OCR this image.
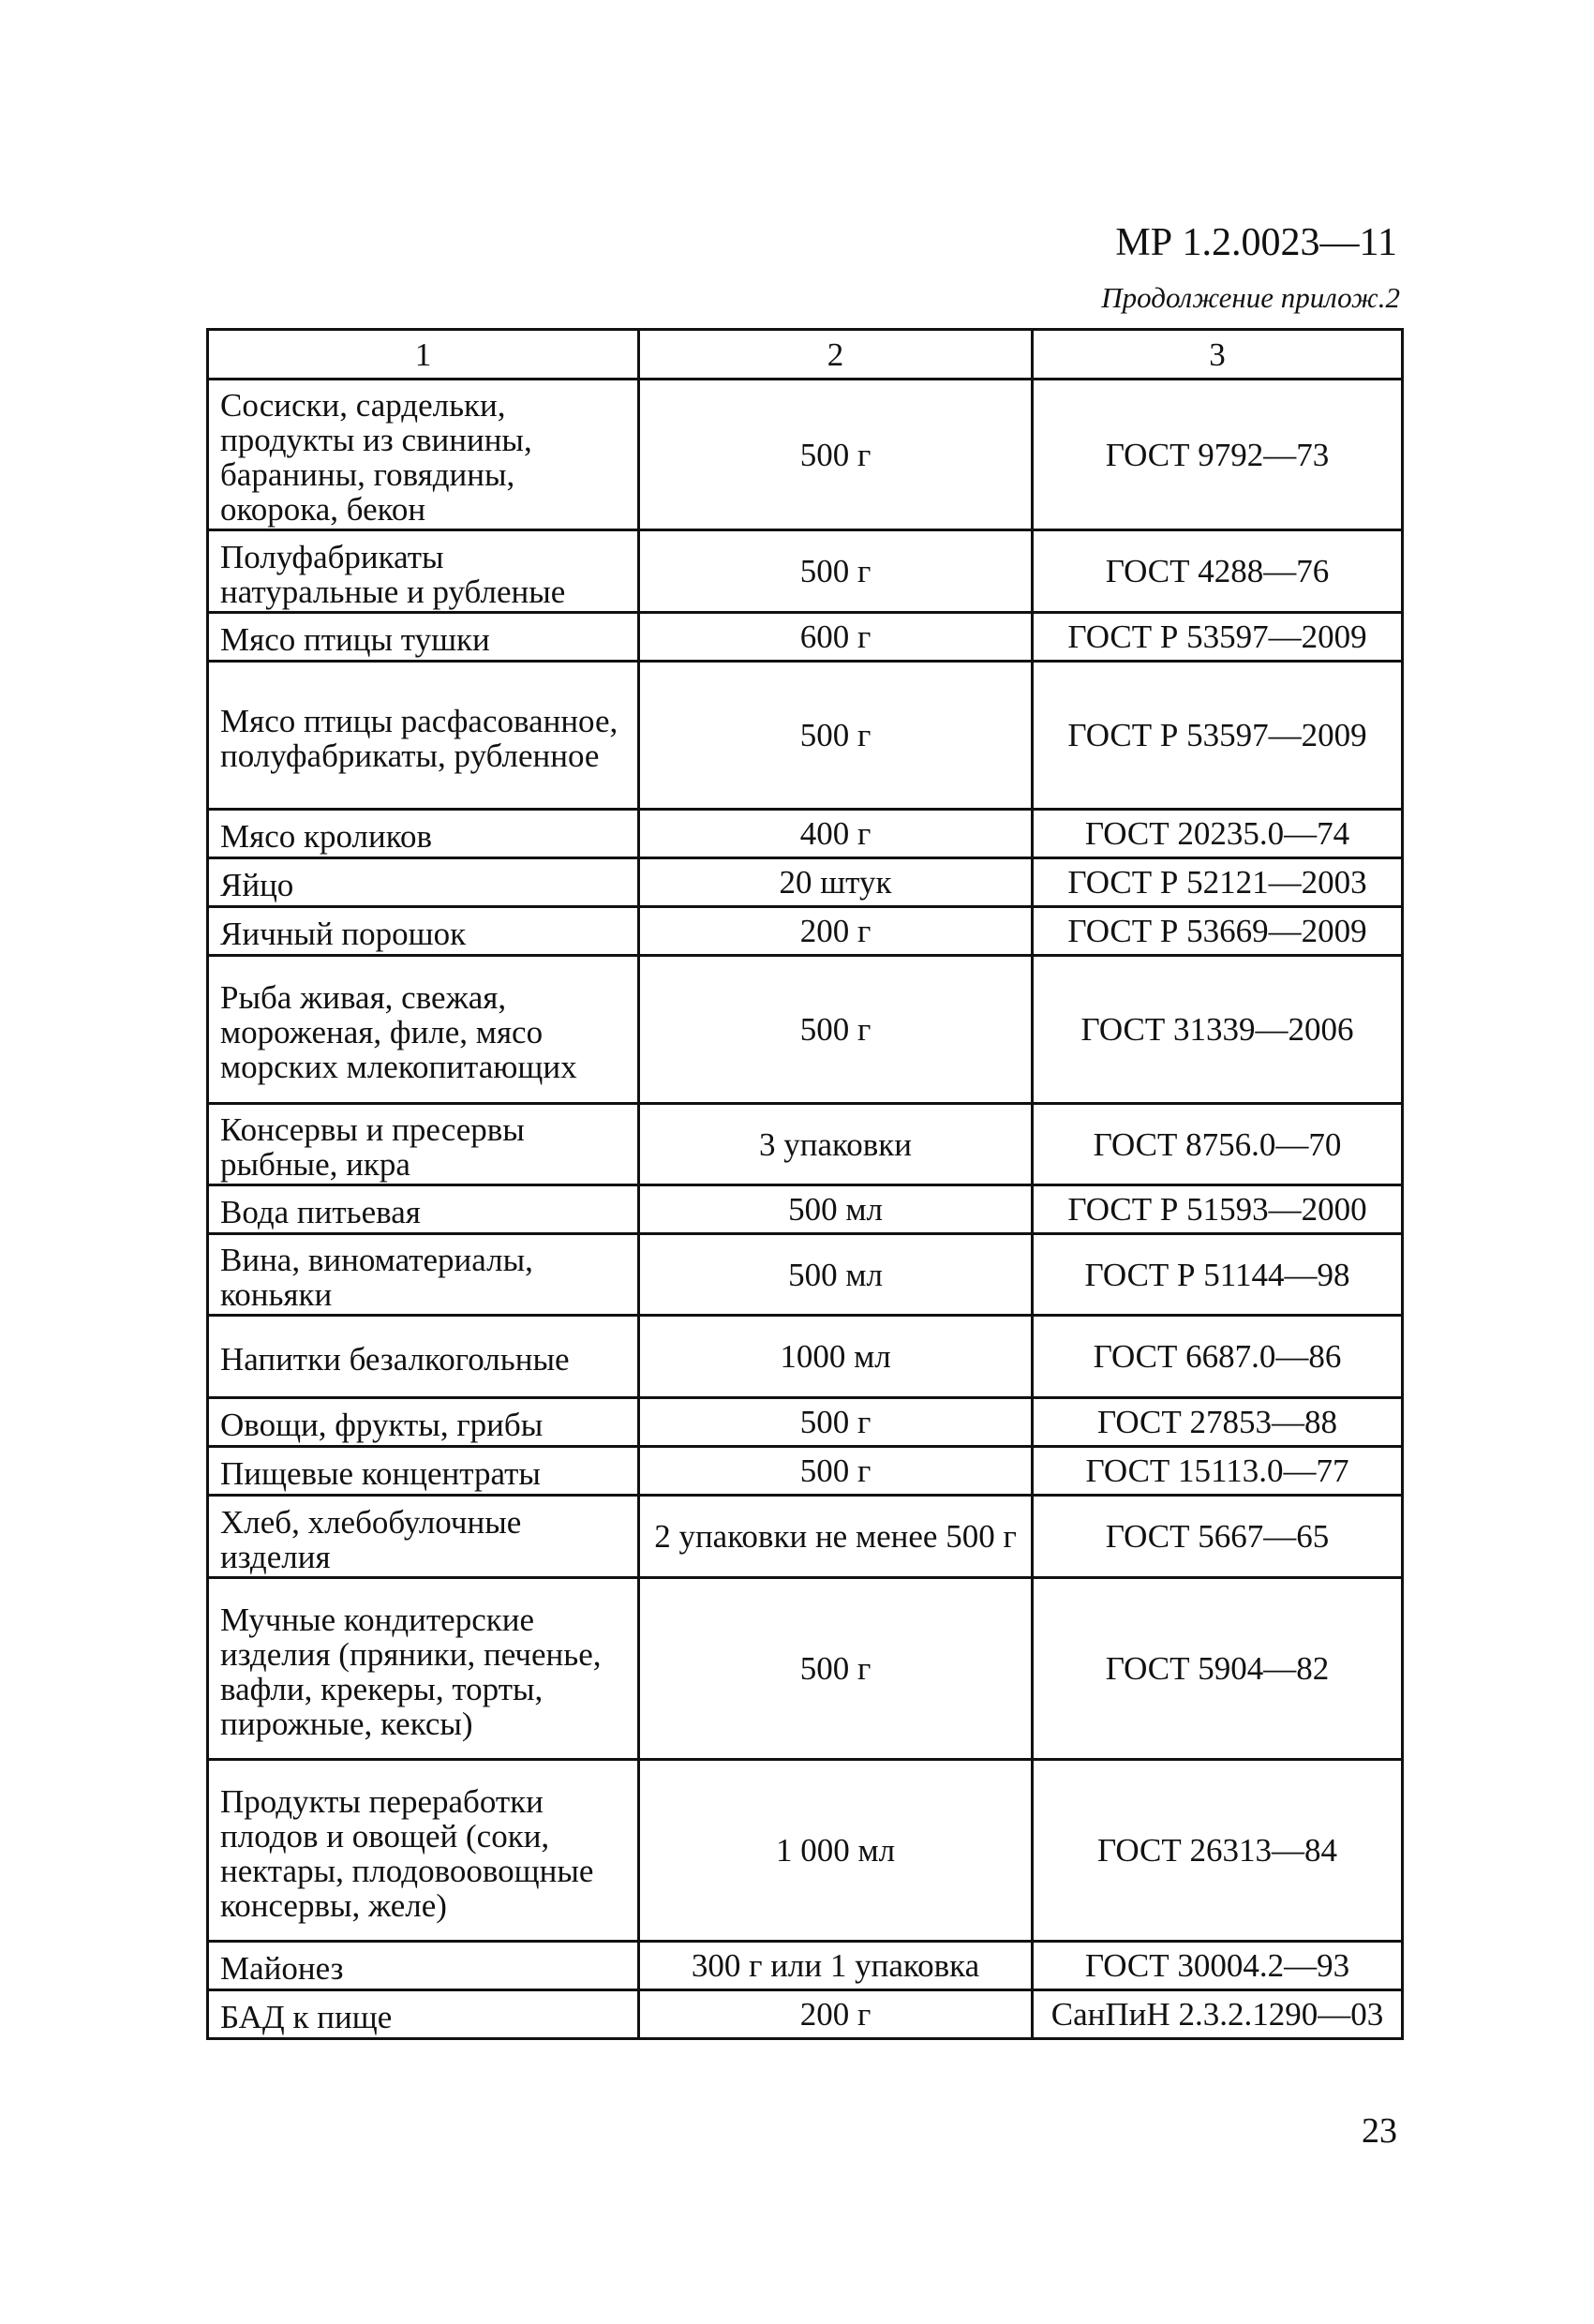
МР 1.2.0023—11
Продолжение прилож.2
1	2	3
Сосиски, сардельки, продукты из свинины, баранины, говядины, окорока, бекон	500 г	ГОСТ 9792—73
Полуфабрикаты натуральные и рубленые	500 г	ГОСТ 4288—76
Мясо птицы тушки	600 г	ГОСТ Р 53597—2009
Мясо птицы расфасованное, полуфабрикаты, рубленное	500 г	ГОСТ Р 53597—2009
Мясо кроликов	400 г	ГОСТ 20235.0—74
Яйцо	20 штук	ГОСТ Р 52121—2003
Яичный порошок	200 г	ГОСТ Р 53669—2009
Рыба живая, свежая, мороженая, филе, мясо морских млекопитающих	500 г	ГОСТ 31339—2006
Консервы и пресервы рыбные, икра	3 упаковки	ГОСТ 8756.0—70
Вода питьевая	500 мл	ГОСТ Р 51593—2000
Вина, виноматериалы, коньяки	500 мл	ГОСТ Р 51144—98
Напитки безалкогольные	1000 мл	ГОСТ 6687.0—86
Овощи, фрукты, грибы	500 г	ГОСТ 27853—88
Пищевые концентраты	500 г	ГОСТ 15113.0—77
Хлеб, хлебобулочные изделия	2 упаковки не менее 500 г	ГОСТ 5667—65
Мучные кондитерские изделия (пряники, печенье, вафли, крекеры, торты, пирожные, кексы)	500 г	ГОСТ 5904—82
Продукты переработки плодов и овощей (соки, нектары, плодовоовощные консервы, желе)	1 000 мл	ГОСТ 26313—84
Майонез	300 г или 1 упаковка	ГОСТ 30004.2—93
БАД к пище	200 г	СанПиН 2.3.2.1290—03
23
